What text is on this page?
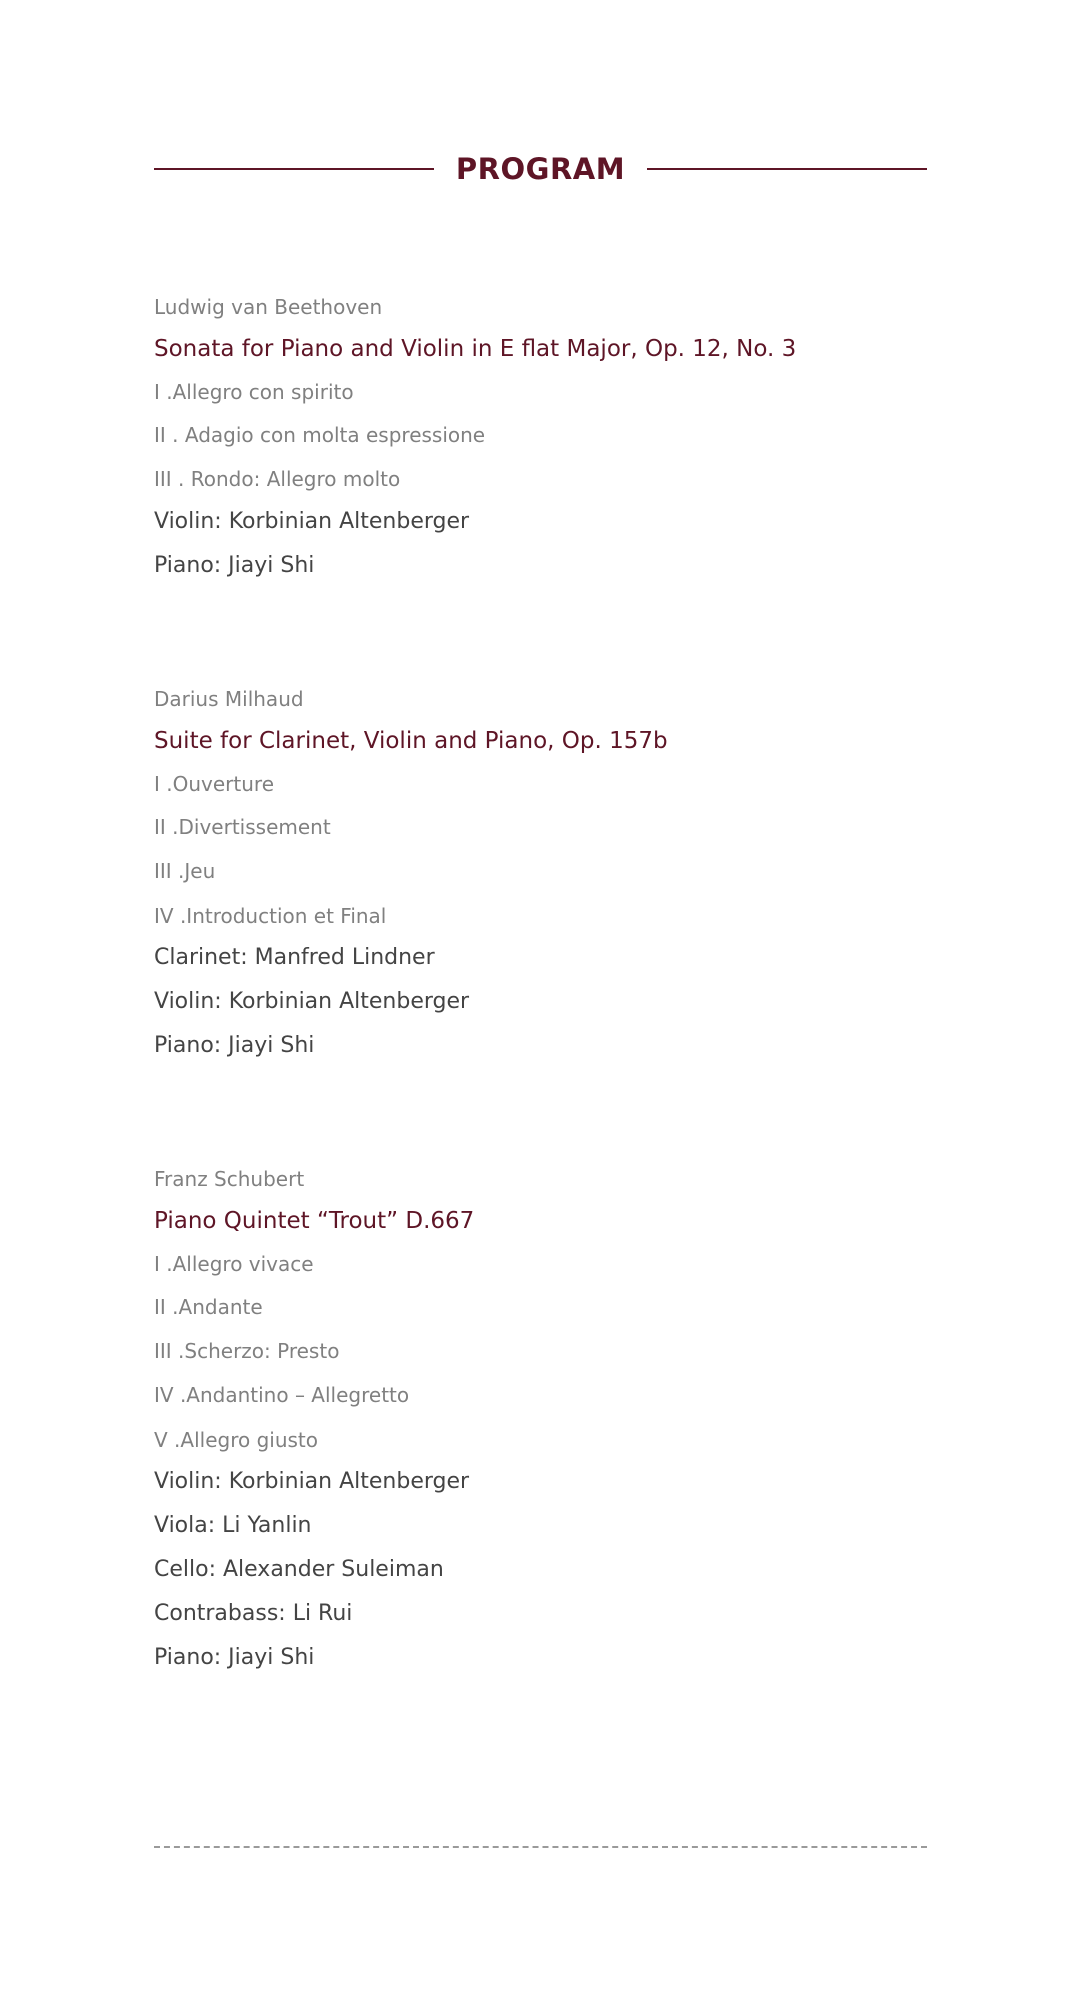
PROGRAM
Ludwig van Beethoven
Sonata for Piano and Violin in E flat Major, Op. 12, No. 3
I .Allegro con spirito
II . Adagio con molta espressione
III . Rondo: Allegro molto
Violin: Korbinian Altenberger
Piano: Jiayi Shi
Darius Milhaud
Suite for Clarinet, Violin and Piano, Op. 157b
I .Ouverture
II .Divertissement
III .Jeu
IV .Introduction et Final
Clarinet: Manfred Lindner
Violin: Korbinian Altenberger
Piano: Jiayi Shi
Franz Schubert
Piano Quintet “Trout” D.667
I .Allegro vivace
II .Andante
III .Scherzo: Presto
IV .Andantino – Allegretto
V .Allegro giusto
Violin: Korbinian Altenberger
Viola: Li Yanlin
Cello: Alexander Suleiman
Contrabass: Li Rui
Piano: Jiayi Shi
